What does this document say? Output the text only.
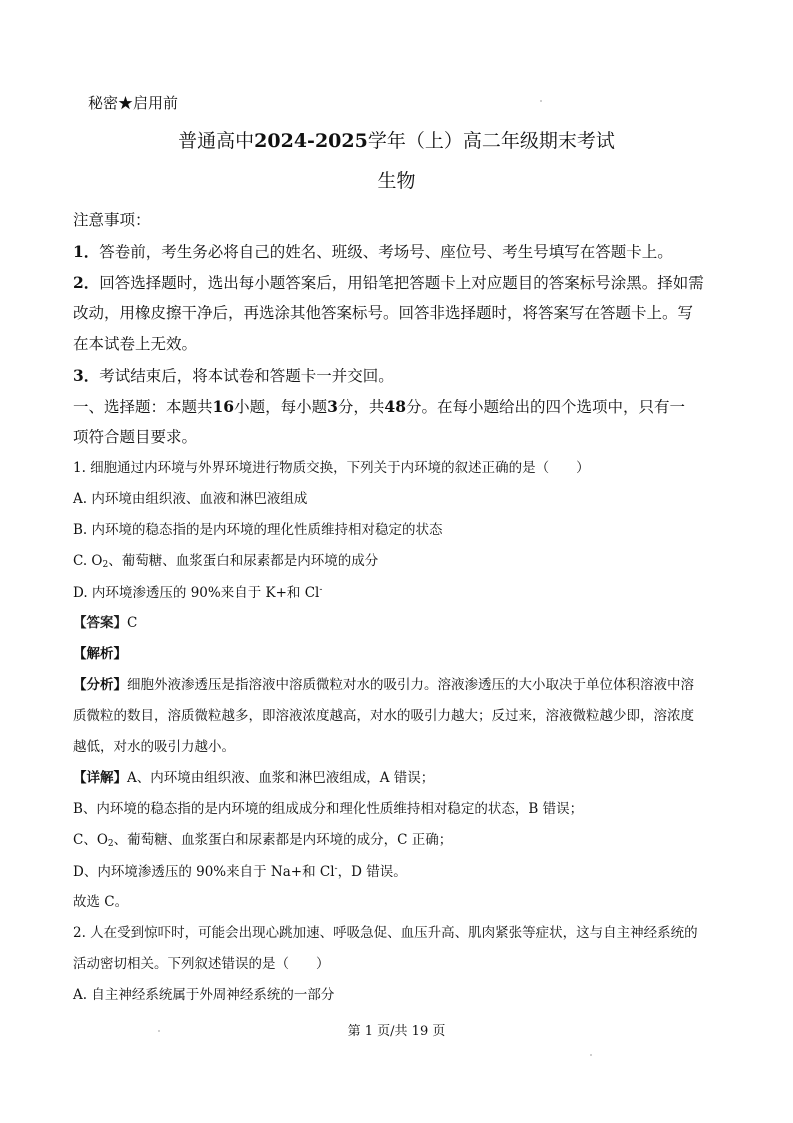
秘密★启用前
普通高中2024-2025学年（上）高二年级期末考试
生物
注意事项：
1．答卷前，考生务必将自己的姓名、班级、考场号、座位号、考生号填写在答题卡上。
2．回答选择题时，选出每小题答案后，用铅笔把答题卡上对应题目的答案标号涂黑。择如需
改动，用橡皮擦干净后，再选涂其他答案标号。回答非选择题时，将答案写在答题卡上。写
在本试卷上无效。
3．考试结束后，将本试卷和答题卡一并交回。
一、选择题：本题共16小题，每小题3分，共48分。在每小题给出的四个选项中，只有一
项符合题目要求。
1. 细胞通过内环境与外界环境进行物质交换，下列关于内环境的叙述正确的是（　　）
A. 内环境由组织液、血液和淋巴液组成
B. 内环境的稳态指的是内环境的理化性质维持相对稳定的状态
C. $O_2$、葡萄糖、血浆蛋白和尿素都是内环境的成分
D. 内环境渗透压的 90%来自于 K+和 Cl-
【答案】C
【解析】
【分析】细胞外液渗透压是指溶液中溶质微粒对水的吸引力。溶液渗透压的大小取决于单位体积溶液中溶
质微粒的数目，溶质微粒越多，即溶液浓度越高，对水的吸引力越大；反过来，溶液微粒越少即，溶浓度
越低，对水的吸引力越小。
【详解】A、内环境由组织液、血浆和淋巴液组成，A 错误；
B、内环境的稳态指的是内环境的组成成分和理化性质维持相对稳定的状态，B 错误；
C、$O_2$、葡萄糖、血浆蛋白和尿素都是内环境的成分，C 正确；
D、内环境渗透压的 90%来自于 Na+和 Cl-，D 错误。
故选 C。
2. 人在受到惊吓时，可能会出现心跳加速、呼吸急促、血压升高、肌肉紧张等症状，这与自主神经系统的
活动密切相关。下列叙述错误的是（　　）
A. 自主神经系统属于外周神经系统的一部分
第 1 页/共 19 页
